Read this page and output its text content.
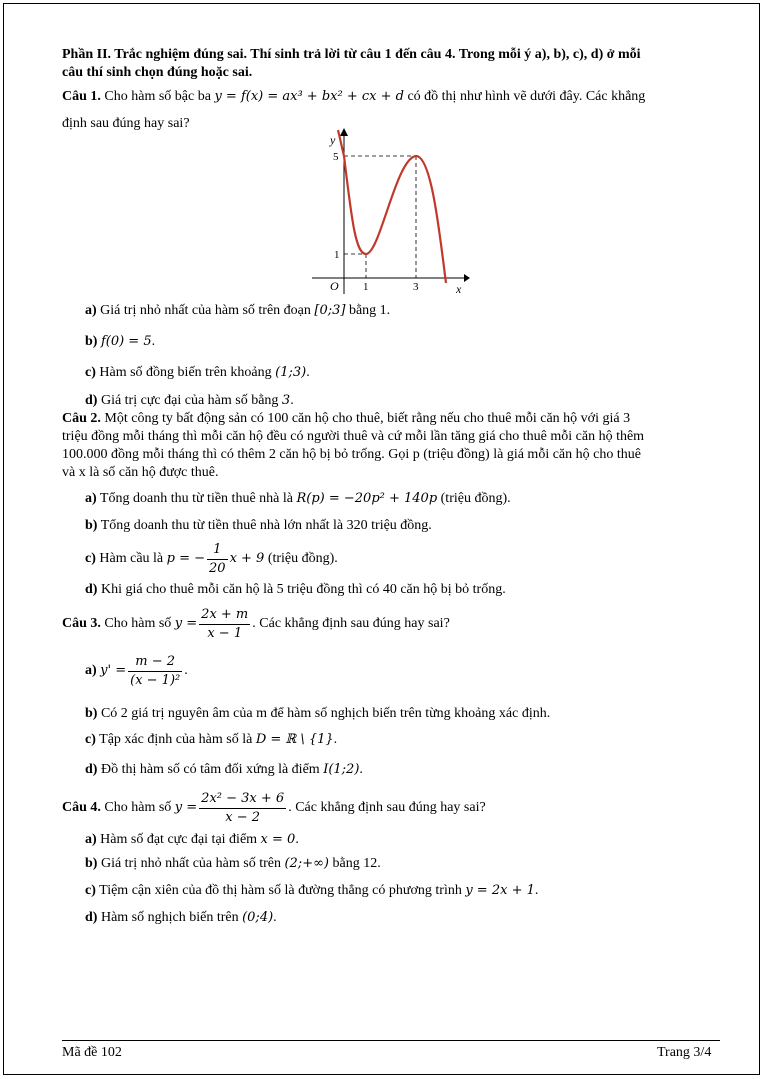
Phần II. Trắc nghiệm đúng sai. Thí sinh trả lời từ câu 1 đến câu 4. Trong mỗi ý a), b), c), d) ở mỗi
câu thí sinh chọn đúng hoặc sai.
Câu 1. Cho hàm số bậc ba y = f(x) = ax³ + bx² + cx + d có đồ thị như hình vẽ dưới đây. Các khẳng
định sau đúng hay sai?
y
x
O
5
1
1	3
a) Giá trị nhỏ nhất của hàm số trên đoạn [0;3] bằng 1.
b) f(0) = 5.
c) Hàm số đồng biến trên khoảng (1;3).
d) Giá trị cực đại của hàm số bằng 3.
Câu 2. Một công ty bất động sản có 100 căn hộ cho thuê, biết rằng nếu cho thuê mỗi căn hộ với giá 3
triệu đồng mỗi tháng thì mỗi căn hộ đều có người thuê và cứ mỗi lần tăng giá cho thuê mỗi căn hộ thêm
100.000 đồng mỗi tháng thì có thêm 2 căn hộ bị bỏ trống. Gọi p (triệu đồng) là giá mỗi căn hộ cho thuê
và x là số căn hộ được thuê.
a) Tổng doanh thu từ tiền thuê nhà là R(p) = −20p² + 140p (triệu đồng).
b) Tổng doanh thu từ tiền thuê nhà lớn nhất là 320 triệu đồng.
c)
Hàm cầu là
p = − $\frac{1}{20}$ x + 9
(triệu đồng).
d) Khi giá cho thuê mỗi căn hộ là 5 triệu đồng thì có 40 căn hộ bị bỏ trống.
Câu 3.
Cho hàm số
$y = \frac{2x + m}{x - 1}$ . Các khẳng định sau đúng hay sai?
a)
$y' = \frac{m - 2}{\text{(x − 1)²}}$ .
b) Có 2 giá trị nguyên âm của m để hàm số nghịch biến trên từng khoảng xác định.
c) Tập xác định của hàm số là D = ℝ \ {1}.
d) Đồ thị hàm số có tâm đối xứng là điểm I(1;2).
Câu 4.
Cho hàm số
$y = \frac{\text{2x² − 3x + 6}}{x - 2}$ . Các khẳng định sau đúng hay sai?
a) Hàm số đạt cực đại tại điểm x = 0.
b) Giá trị nhỏ nhất của hàm số trên (2;+∞) bằng 12.
c) Tiệm cận xiên của đồ thị hàm số là đường thẳng có phương trình y = 2x + 1.
d) Hàm số nghịch biến trên (0;4).
Mã đề 102	Trang 3/4
